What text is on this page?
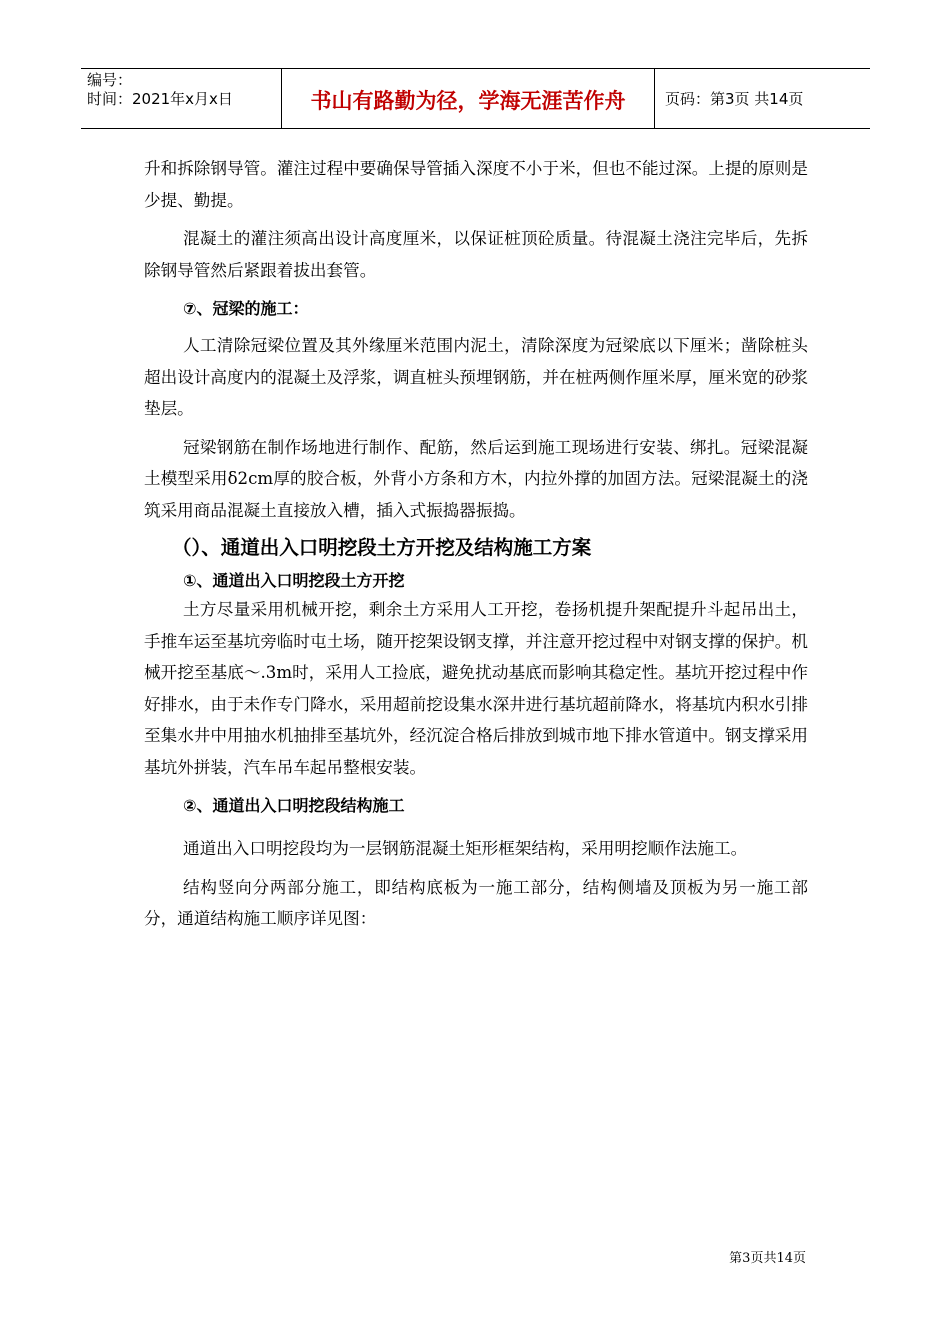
编号：
时间：2021年x月x日	书山有路勤为径，学海无涯苦作舟	页码：第3页 共14页

升和拆除钢导管。灌注过程中要确保导管插入深度不小于米，但也不能过深。上提的原则是少提、勤提。

混凝土的灌注须高出设计高度厘米，以保证桩顶砼质量。待混凝土浇注完毕后，先拆除钢导管然后紧跟着拔出套管。

⑦、冠梁的施工：

人工清除冠梁位置及其外缘厘米范围内泥土，清除深度为冠梁底以下厘米；凿除桩头超出设计高度内的混凝土及浮浆，调直桩头预埋钢筋，并在桩两侧作厘米厚，厘米宽的砂浆垫层。

冠梁钢筋在制作场地进行制作、配筋，然后运到施工现场进行安装、绑扎。冠梁混凝土模型采用δ2cm厚的胶合板，外背小方条和方木，内拉外撑的加固方法。冠梁混凝土的浇筑采用商品混凝土直接放入槽，插入式振捣器振捣。

（）、通道出入口明挖段土方开挖及结构施工方案
①、通道出入口明挖段土方开挖

土方尽量采用机械开挖，剩余土方采用人工开挖，卷扬机提升架配提升斗起吊出土，手推车运至基坑旁临时屯土场，随开挖架设钢支撑，并注意开挖过程中对钢支撑的保护。机械开挖至基底～.3m时，采用人工捡底，避免扰动基底而影响其稳定性。基坑开挖过程中作好排水，由于未作专门降水，采用超前挖设集水深井进行基坑超前降水，将基坑内积水引排至集水井中用抽水机抽排至基坑外，经沉淀合格后排放到城市地下排水管道中。钢支撑采用基坑外拼装，汽车吊车起吊整根安装。

②、通道出入口明挖段结构施工

通道出入口明挖段均为一层钢筋混凝土矩形框架结构，采用明挖顺作法施工。

结构竖向分两部分施工，即结构底板为一施工部分，结构侧墙及顶板为另一施工部分，通道结构施工顺序详见图：

第3页共14页
